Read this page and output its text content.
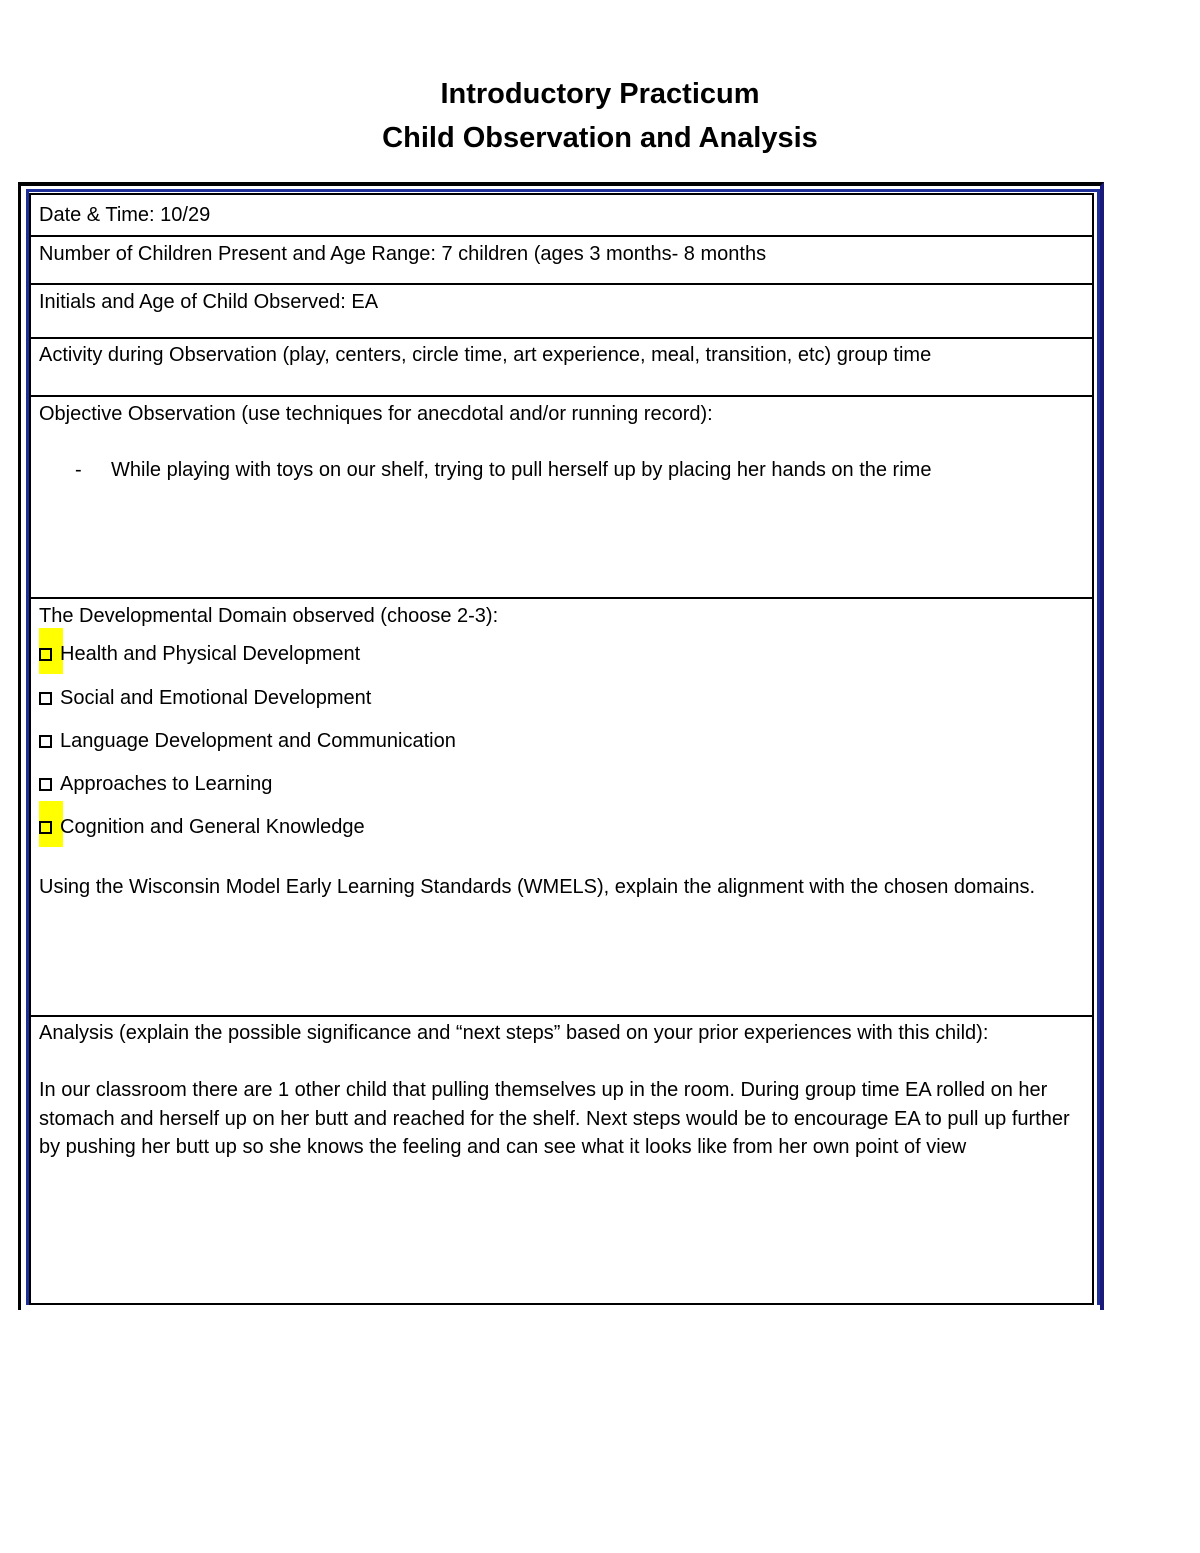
Introductory Practicum
Child Observation and Analysis
Date & Time: 10/29
Number of Children Present and Age Range: 7 children (ages 3 months- 8 months
Initials and Age of Child Observed: EA
Activity during Observation (play, centers, circle time, art experience, meal, transition, etc) group time
Objective Observation (use techniques for anecdotal and/or running record):
- While playing with toys on our shelf, trying to pull herself up by placing her hands on the rime
The Developmental Domain observed (choose 2-3):
Health and Physical Development
Social and Emotional Development
Language Development and Communication
Approaches to Learning
Cognition and General Knowledge
Using the Wisconsin Model Early Learning Standards (WMELS), explain the alignment with the chosen domains.
Analysis (explain the possible significance and “next steps” based on your prior experiences with this child):
In our classroom there are 1 other child that pulling themselves up in the room. During group time EA rolled on her stomach and herself up on her butt and reached for the shelf. Next steps would be to encourage EA to pull up further by pushing her butt up so she knows the feeling and can see what it looks like from her own point of view
